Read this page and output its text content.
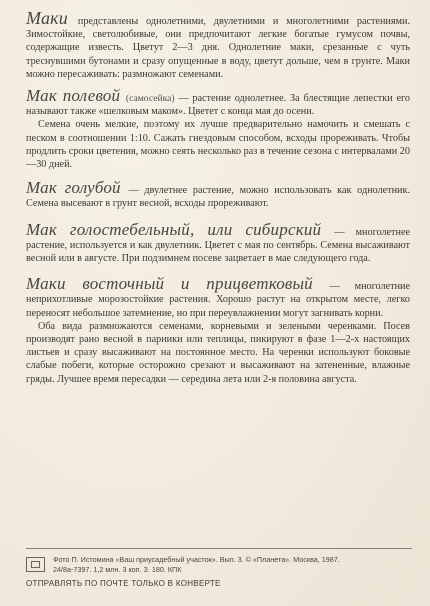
Маки представлены однолетними, двулетними и многолетними растениями. Зимостойкие, светолюбивые, они предпочитают легкие богатые гумусом почвы, содержащие известь. Цветут 2—3 дня. Однолетние маки, срезанные с чуть треснувшими бутонами и сразу опущенные в воду, цветут дольше, чем в грунте. Маки можно пересаживать: размножают семенами.

Мак полевой (самосейка) — растение однолетнее. За блестящие лепестки его называют также «шелковым маком». Цветет с конца мая до осени.

Семена очень мелкие, поэтому их лучше предварительно намочить и смешать с песком в соотношении 1:10. Сажать гнездовым способом, всходы прореживать. Чтобы продлить сроки цветения, можно сеять несколько раз в течение сезона с интервалами 20—30 дней.

Мак голубой — двулетнее растение, можно использовать как однолетник. Семена высевают в грунт весной, всходы прореживают.

Мак голостебельный, или сибирский — многолетнее растение, используется и как двулетник. Цветет с мая по сентябрь. Семена высаживают весной или в августе. При подзимнем посеве зацветает в мае следующего года.

Маки восточный и прицветковый — многолетние неприхотливые морозостойкие растения. Хорошо растут на открытом месте, легко переносят небольшое затемнение, но при переувлажнении могут загнивать корни.

Оба вида размножаются семенами, корневыми и зелеными черенками. Посев производят рано весной в парники или теплицы, пикируют в фазе 1—2-х настоящих листьев и сразу высаживают на постоянное место. На черенки используют боковые слабые побеги, которые осторожно срезают и высаживают на затененные, влажные гряды. Лучшее время пересадки — середина лета или 2-я половина августа.

Фото П. Истомина «Ваш приусадебный участок». Вып. 3. © «Планета». Москва, 1987.
24/8а-7397. 1,2 млн. 3 коп. З. 180. КПК
ОТПРАВЛЯТЬ ПО ПОЧТЕ ТОЛЬКО В КОНВЕРТЕ
